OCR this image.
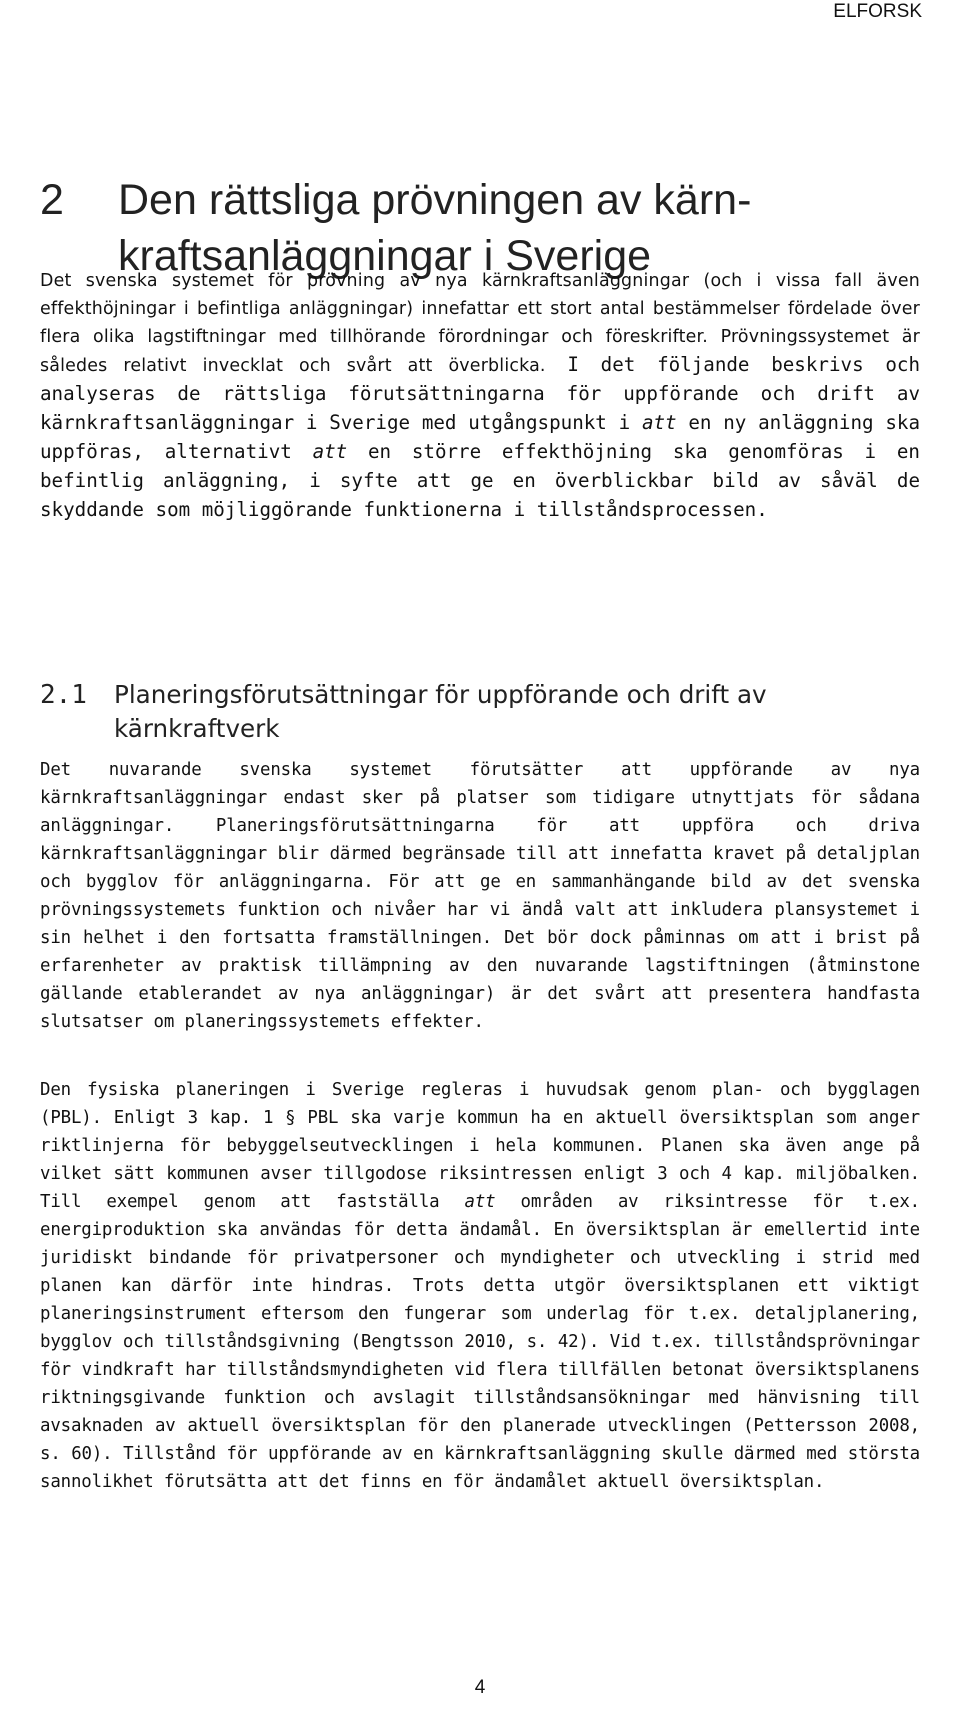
ELFORSK
2 Den rättsliga prövningen av kärn-kraftsanläggningar i Sverige

Det svenska systemet för prövning av nya kärnkraftsanläggningar (och i vissa fall även effekthöjningar i befintliga anläggningar) innefattar ett stort antal bestämmelser fördelade över flera olika lagstiftningar med tillhörande förordningar och föreskrifter. Prövningssystemet är således relativt invecklat och svårt att överblicka. I det följande beskrivs och analyseras de rättsliga förutsättningarna för uppförande och drift av kärnkraftsanläggningar i Sverige med utgångspunkt i att en ny anläggning ska uppföras, alternativt att en större effekthöjning ska genomföras i en befintlig anläggning, i syfte att ge en överblickbar bild av såväl de skyddande som möjliggörande funktionerna i tillståndsprocessen.

2.1 Planeringsförutsättningar för uppförande och drift av kärnkraftverk

Det nuvarande svenska systemet förutsätter att uppförande av nya kärnkraftsanläggningar endast sker på platser som tidigare utnyttjats för sådana anläggningar. Planeringsförutsättningarna för att uppföra och driva kärnkraftsanläggningar blir därmed begränsade till att innefatta kravet på detaljplan och bygglov för anläggningarna. För att ge en sammanhängande bild av det svenska prövningssystemets funktion och nivåer har vi ändå valt att inkludera plansystemet i sin helhet i den fortsatta framställningen. Det bör dock påminnas om att i brist på erfarenheter av praktisk tillämpning av den nuvarande lagstiftningen (åtminstone gällande etablerandet av nya anläggningar) är det svårt att presentera handfasta slutsatser om planeringssystemets effekter.

Den fysiska planeringen i Sverige regleras i huvudsak genom plan- och bygglagen (PBL). Enligt 3 kap. 1 § PBL ska varje kommun ha en aktuell översiktsplan som anger riktlinjerna för bebyggelseutvecklingen i hela kommunen. Planen ska även ange på vilket sätt kommunen avser tillgodose riksintressen enligt 3 och 4 kap. miljöbalken. Till exempel genom att fastställa att områden av riksintresse för t.ex. energiproduktion ska användas för detta ändamål. En översiktsplan är emellertid inte juridiskt bindande för privatpersoner och myndigheter och utveckling i strid med planen kan därför inte hindras. Trots detta utgör översiktsplanen ett viktigt planeringsinstrument eftersom den fungerar som underlag för t.ex. detaljplanering, bygglov och tillståndsgivning (Bengtsson 2010, s. 42). Vid t.ex. tillståndsprövningar för vindkraft har tillståndsmyndigheten vid flera tillfällen betonat översiktsplanens riktningsgivande funktion och avslagit tillståndsansökningar med hänvisning till avsaknaden av aktuell översiktsplan för den planerade utvecklingen (Pettersson 2008, s. 60). Tillstånd för uppförande av en kärnkraftsanläggning skulle därmed med största sannolikhet förutsätta att det finns en för ändamålet aktuell översiktsplan.

4
